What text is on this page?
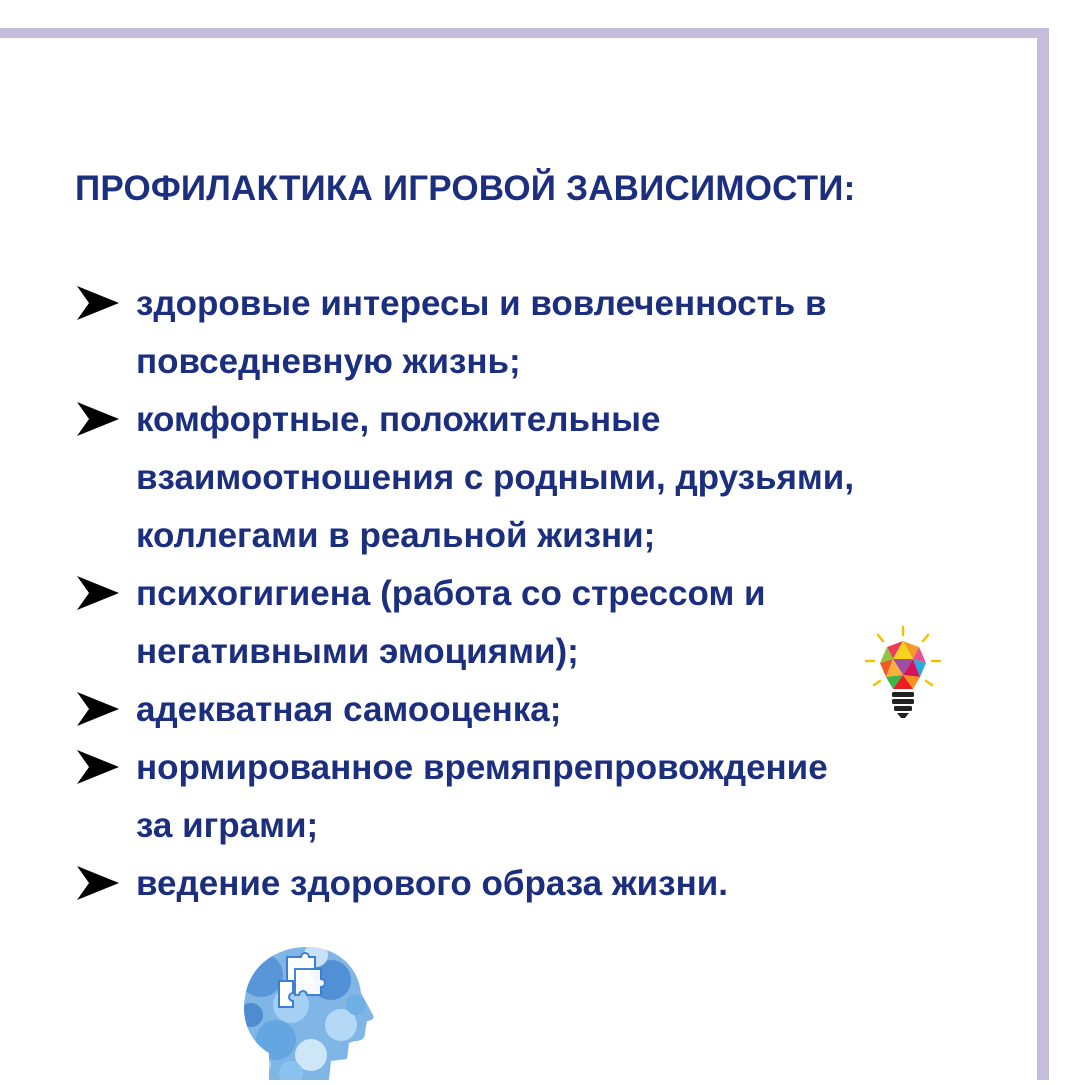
ПРОФИЛАКТИКА ИГРОВОЙ ЗАВИСИМОСТИ:
здоровые интересы и вовлеченность в
повседневную жизнь;
комфортные, положительные
взаимоотношения с родными, друзьями,
коллегами в реальной жизни;
психогигиена (работа со стрессом и
негативными эмоциями);
адекватная самооценка;
нормированное времяпрепровождение
за играми;
ведение здорового образа жизни.
